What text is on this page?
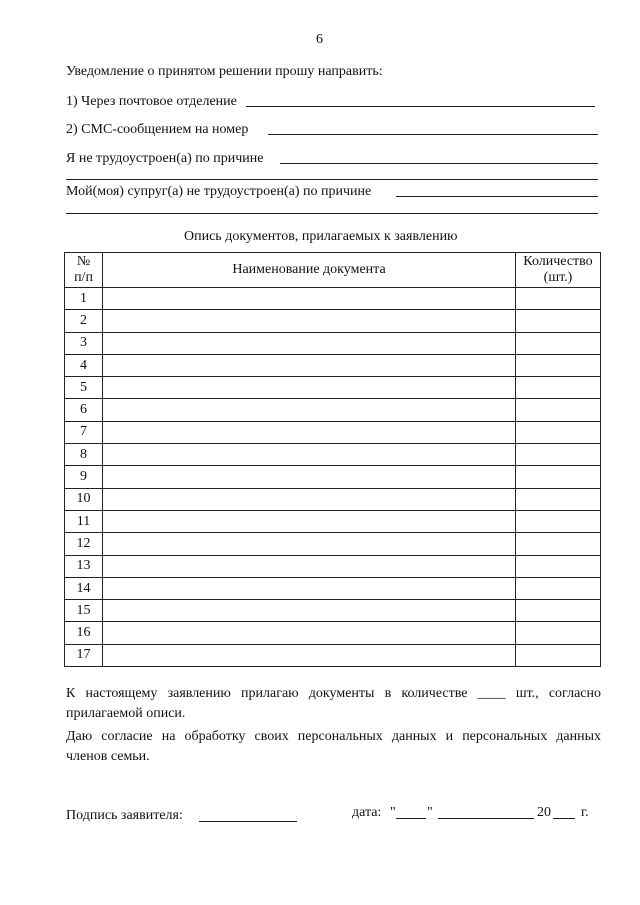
6
Уведомление о принятом решении прошу направить:
1) Через почтовое отделение
2) СМС-сообщением на номер
Я не трудоустроен(а) по причине
Мой(моя) супруг(а) не трудоустроен(а) по причине
Опись документов, прилагаемых к заявлению
№ п/п	Наименование документа	Количество (шт.)
1		
2		
3		
4		
5		
6		
7		
8		
9		
10		
11		
12		
13		
14		
15		
16		
17		
К настоящему заявлению прилагаю документы в количестве ____ шт., согласно
прилагаемой описи.
Даю согласие на обработку своих персональных данных и персональных данных
членов семьи.
Подпись заявителя:	дата: " "	20 г.
